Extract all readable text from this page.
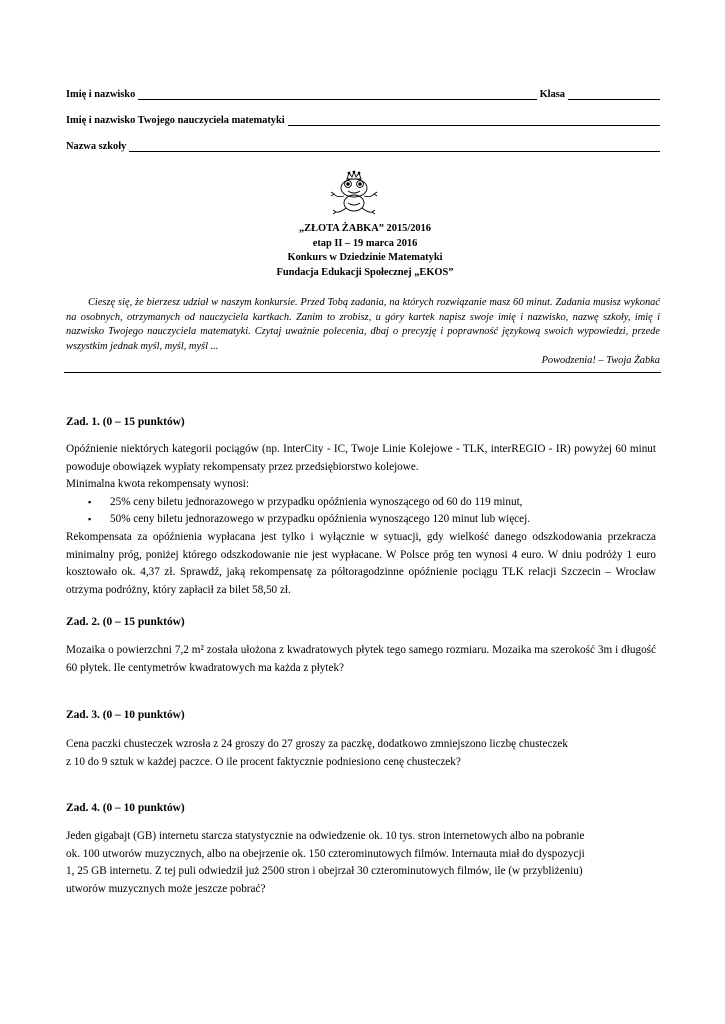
Imię i nazwisko	Klasa
Imię i nazwisko Twojego nauczyciela matematyki
Nazwa szkoły
„ZŁOTA ŻABKA” 2015/2016
etap II – 19 marca 2016
Konkurs w Dziedzinie Matematyki
Fundacja Edukacji Społecznej „EKOS”
Cieszę się, że bierzesz udział w naszym konkursie. Przed Tobą zadania, na których rozwiązanie masz 60 minut. Zadania musisz wykonać na osobnych, otrzymanych od nauczyciela kartkach. Zanim to zrobisz, u góry kartek napisz swoje imię i nazwisko, nazwę szkoły, imię i nazwisko Twojego nauczyciela matematyki. Czytaj uważnie polecenia, dbaj o precyzję i poprawność językową swoich wypowiedzi, przede wszystkim jednak myśl, myśl, myśl ...
Powodzenia! – Twoja Żabka
Zad. 1. (0 – 15 punktów)

Opóźnienie niektórych kategorii pociągów (np. InterCity - IC, Twoje Linie Kolejowe - TLK, interREGIO - IR) powyżej 60 minut powoduje obowiązek wypłaty rekompensaty przez przedsiębiorstwo kolejowe.

Minimalna kwota rekompensaty wynosi:

▪ 25% ceny biletu jednorazowego w przypadku opóźnienia wynoszącego od 60 do 119 minut,
▪ 50% ceny biletu jednorazowego w przypadku opóźnienia wynoszącego 120 minut lub więcej.

Rekompensata za opóźnienia wypłacana jest tylko i wyłącznie w sytuacji, gdy wielkość danego odszkodowania przekracza minimalny próg, poniżej którego odszkodowanie nie jest wypłacane. W Polsce próg ten wynosi 4 euro. W dniu podróży 1 euro kosztowało ok. 4,37 zł. Sprawdź, jaką rekompensatę za półtoragodzinne opóźnienie pociągu TLK relacji Szczecin – Wrocław otrzyma podróżny, który zapłacił za bilet 58,50 zł.

Zad. 2. (0 – 15 punktów)
Mozaika o powierzchni 7,2 m² została ułożona z kwadratowych płytek tego samego rozmiaru. Mozaika ma szerokość 3m i długość 60 płytek. Ile centymetrów kwadratowych ma każda z płytek?
Zad. 3. (0 – 10 punktów)

Cena paczki chusteczek wzrosła z 24 groszy do 27 groszy za paczkę, dodatkowo zmniejszono liczbę chusteczek

z 10 do 9 sztuk w każdej paczce. O ile procent faktycznie podniesiono cenę chusteczek?

Zad. 4. (0 – 10 punktów)

Jeden gigabajt (GB) internetu starcza statystycznie na odwiedzenie ok. 10 tys. stron internetowych albo na pobranie

ok. 100 utworów muzycznych, albo na obejrzenie ok. 150 czterominutowych filmów. Internauta miał do dyspozycji

1, 25 GB internetu. Z tej puli odwiedził już 2500 stron i obejrzał 30 czterominutowych filmów, ile (w przybliżeniu)

utworów muzycznych może jeszcze pobrać?
